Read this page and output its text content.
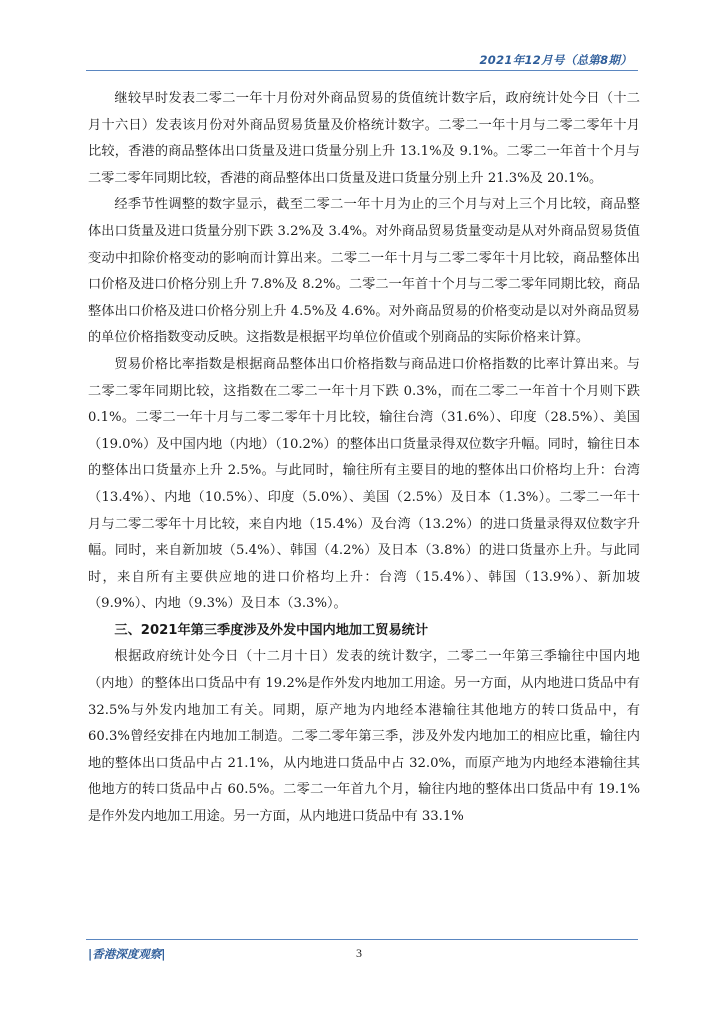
2021年12月号（总第8期）

继较早时发表二零二一年十月份对外商品贸易的货值统计数字后，政府统计处今日（十二月十六日）发表该月份对外商品贸易货量及价格统计数字。二零二一年十月与二零二零年十月比较，香港的商品整体出口货量及进口货量分别上升 13.1%及 9.1%。二零二一年首十个月与二零二零年同期比较，香港的商品整体出口货量及进口货量分别上升 21.3%及 20.1%。

经季节性调整的数字显示，截至二零二一年十月为止的三个月与对上三个月比较，商品整体出口货量及进口货量分别下跌 3.2%及 3.4%。对外商品贸易货量变动是从对外商品贸易货值变动中扣除价格变动的影响而计算出来。二零二一年十月与二零二零年十月比较，商品整体出口价格及进口价格分别上升 7.8%及 8.2%。二零二一年首十个月与二零二零年同期比较，商品整体出口价格及进口价格分别上升 4.5%及 4.6%。对外商品贸易的价格变动是以对外商品贸易的单位价格指数变动反映。这指数是根据平均单位价值或个别商品的实际价格来计算。

贸易价格比率指数是根据商品整体出口价格指数与商品进口价格指数的比率计算出来。与二零二零年同期比较，这指数在二零二一年十月下跌 0.3%，而在二零二一年首十个月则下跌 0.1%。二零二一年十月与二零二零年十月比较，输往台湾（31.6%）、印度（28.5%）、美国（19.0%）及中国内地（内地）（10.2%）的整体出口货量录得双位数字升幅。同时，输往日本的整体出口货量亦上升 2.5%。与此同时，输往所有主要目的地的整体出口价格均上升：台湾（13.4%）、内地（10.5%）、印度（5.0%）、美国（2.5%）及日本（1.3%）。二零二一年十月与二零二零年十月比较，来自内地（15.4%）及台湾（13.2%）的进口货量录得双位数字升幅。同时，来自新加坡（5.4%）、韩国（4.2%）及日本（3.8%）的进口货量亦上升。与此同时，来自所有主要供应地的进口价格均上升：台湾（15.4%）、韩国（13.9%）、新加坡（9.9%）、内地（9.3%）及日本（3.3%）。

三、2021年第三季度涉及外发中国内地加工贸易统计

根据政府统计处今日（十二月十日）发表的统计数字，二零二一年第三季输往中国内地（内地）的整体出口货品中有 19.2%是作外发内地加工用途。另一方面，从内地进口货品中有 32.5%与外发内地加工有关。同期，原产地为内地经本港输往其他地方的转口货品中，有 60.3%曾经安排在内地加工制造。二零二零年第三季，涉及外发内地加工的相应比重，输往内地的整体出口货品中占 21.1%，从内地进口货品中占 32.0%，而原产地为内地经本港输往其他地方的转口货品中占 60.5%。二零二一年首九个月，输往内地的整体出口货品中有 19.1%是作外发内地加工用途。另一方面，从内地进口货品中有 33.1%

|香港深度观察|	3
